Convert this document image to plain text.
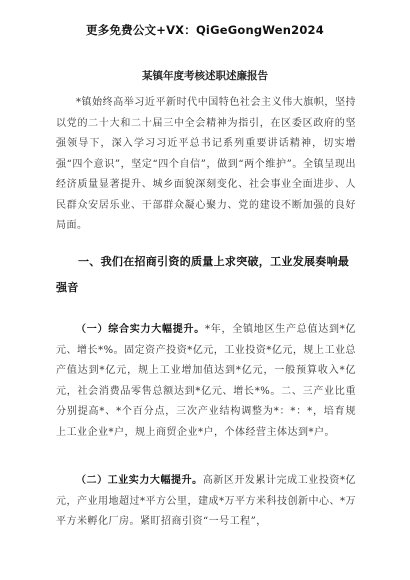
更多免费公文+VX：QiGeGongWen2024
某镇年度考核述职述廉报告
*镇始终高举习近平新时代中国特色社会主义伟大旗帜，坚持以党的二十大和二十届三中全会精神为指引，在区委区政府的坚强领导下，深入学习习近平总书记系列重要讲话精神，切实增强“四个意识”，坚定“四个自信”，做到“两个维护”。全镇呈现出经济质量显著提升、城乡面貌深刻变化、社会事业全面进步、人民群众安居乐业、干部群众凝心聚力、党的建设不断加强的良好局面。
一、我们在招商引资的质量上求突破，工业发展奏响最强音
（一）综合实力大幅提升。*年，全镇地区生产总值达到*亿元、增长*%。固定资产投资*亿元，工业投资*亿元，规上工业总产值达到*亿元，规上工业增加值达到*亿元，一般预算收入*亿元，社会消费品零售总额达到*亿元、增长*%。二、三产业比重分别提高*、*个百分点，三次产业结构调整为*：*：*，培育规上工业企业*户，规上商贸企业*户，个体经营主体达到*户。
（二）工业实力大幅提升。高新区开发累计完成工业投资*亿元，产业用地超过*平方公里，建成*万平方米科技创新中心、*万平方米孵化厂房。紧盯招商引资“一号工程”，
